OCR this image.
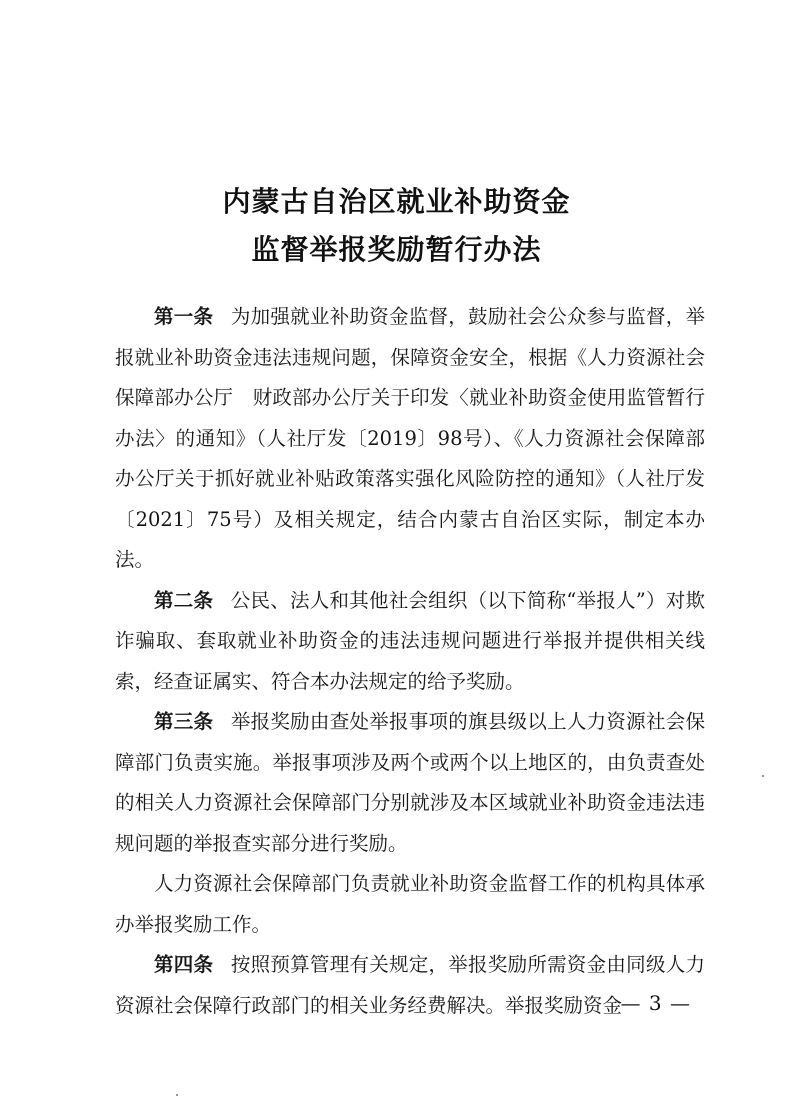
内蒙古自治区就业补助资金
监督举报奖励暂行办法

第一条 为加强就业补助资金监督，鼓励社会公众参与监督，举报就业补助资金违法违规问题，保障资金安全，根据《人力资源社会保障部办公厅　财政部办公厅关于印发〈就业补助资金使用监管暂行办法〉的通知》（人社厅发〔2019〕98号）、《人力资源社会保障部办公厅关于抓好就业补贴政策落实强化风险防控的通知》（人社厅发〔2021〕75号）及相关规定，结合内蒙古自治区实际，制定本办法。

第二条 公民、法人和其他社会组织（以下简称“举报人”）对欺诈骗取、套取就业补助资金的违法违规问题进行举报并提供相关线索，经查证属实、符合本办法规定的给予奖励。

第三条 举报奖励由查处举报事项的旗县级以上人力资源社会保障部门负责实施。举报事项涉及两个或两个以上地区的，由负责查处的相关人力资源社会保障部门分别就涉及本区域就业补助资金违法违规问题的举报查实部分进行奖励。

人力资源社会保障部门负责就业补助资金监督工作的机构具体承办举报奖励工作。

第四条 按照预算管理有关规定，举报奖励所需资金由同级人力资源社会保障行政部门的相关业务经费解决。举报奖励资金

— 3 —
